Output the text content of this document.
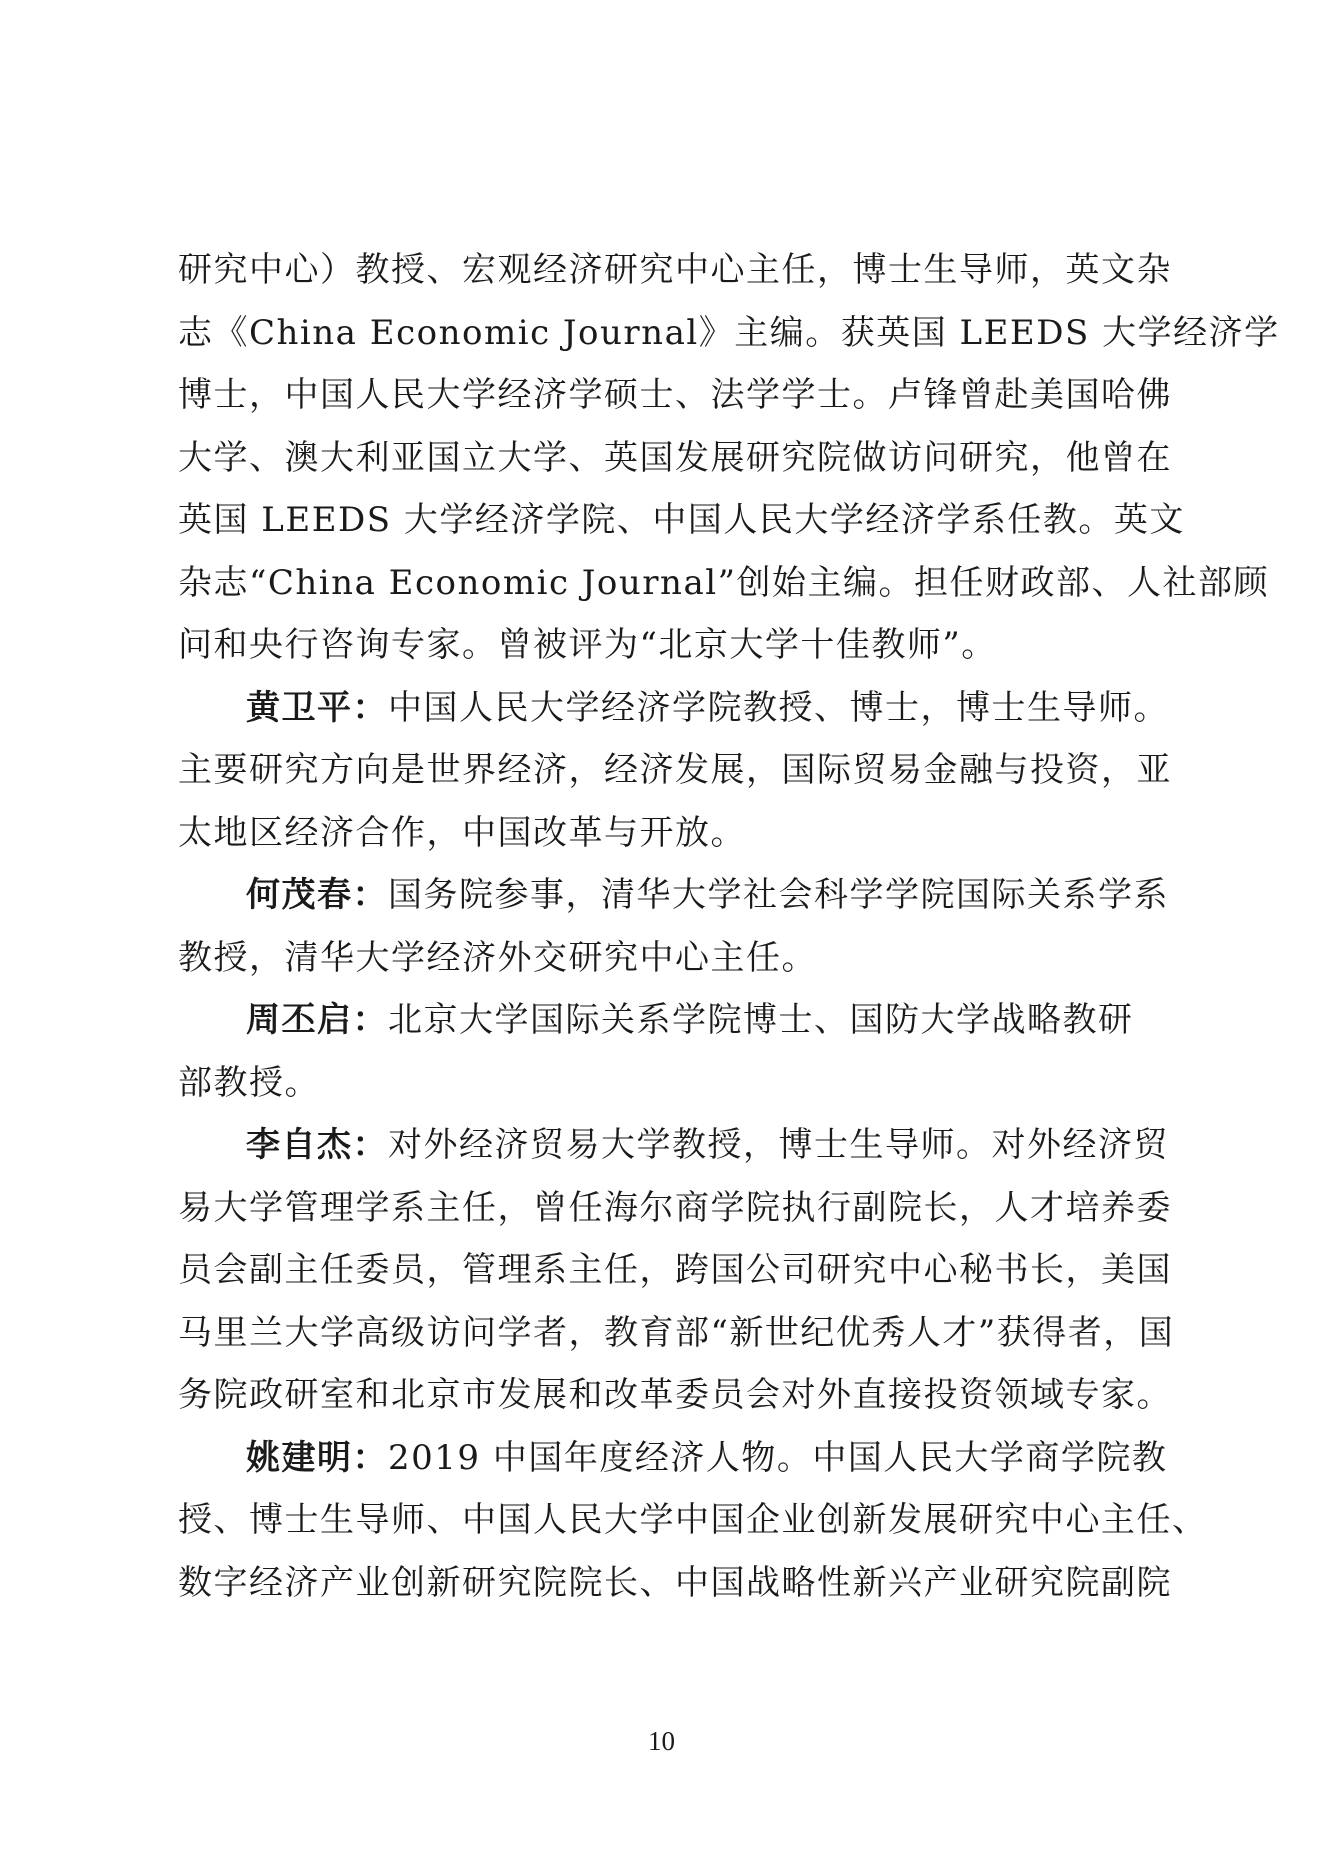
研究中心）教授、宏观经济研究中心主任，博士生导师，英文杂
志《China Economic Journal》主编。获英国 LEEDS 大学经济学
博士，中国人民大学经济学硕士、法学学士。卢锋曾赴美国哈佛
大学、澳大利亚国立大学、英国发展研究院做访问研究，他曾在
英国 LEEDS 大学经济学院、中国人民大学经济学系任教。英文
杂志“China Economic Journal”创始主编。担任财政部、人社部顾
问和央行咨询专家。曾被评为“北京大学十佳教师”。
黄卫平：中国人民大学经济学院教授、博士，博士生导师。
主要研究方向是世界经济，经济发展，国际贸易金融与投资，亚
太地区经济合作，中国改革与开放。
何茂春：国务院参事，清华大学社会科学学院国际关系学系
教授，清华大学经济外交研究中心主任。
周丕启：北京大学国际关系学院博士、国防大学战略教研
部教授。
李自杰：对外经济贸易大学教授，博士生导师。对外经济贸
易大学管理学系主任，曾任海尔商学院执行副院长，人才培养委
员会副主任委员，管理系主任，跨国公司研究中心秘书长，美国
马里兰大学高级访问学者，教育部“新世纪优秀人才”获得者，国
务院政研室和北京市发展和改革委员会对外直接投资领域专家。
姚建明：2019 中国年度经济人物。中国人民大学商学院教
授、博士生导师、中国人民大学中国企业创新发展研究中心主任、
数字经济产业创新研究院院长、中国战略性新兴产业研究院副院
10
